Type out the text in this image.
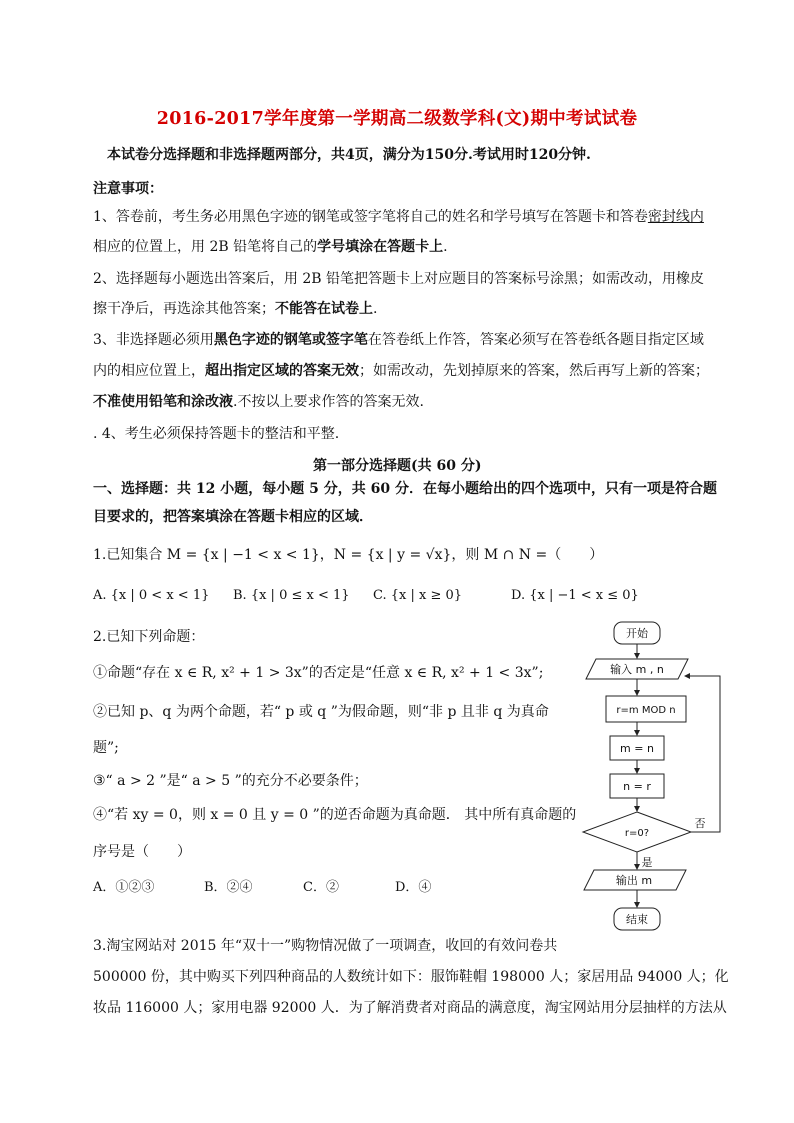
2016-2017学年度第一学期高二级数学科(文)期中考试试卷
本试卷分选择题和非选择题两部分，共4页，满分为150分.考试用时120分钟.
注意事项：
1、答卷前，考生务必用黑色字迹的钢笔或签字笔将自己的姓名和学号填写在答题卡和答卷密封线内
相应的位置上，用 2B 铅笔将自己的学号填涂在答题卡上.
2、选择题每小题选出答案后，用 2B 铅笔把答题卡上对应题目的答案标号涂黑；如需改动，用橡皮
擦干净后，再选涂其他答案；不能答在试卷上.
3、非选择题必须用黑色字迹的钢笔或签字笔在答卷纸上作答，答案必须写在答卷纸各题目指定区域
内的相应位置上，超出指定区域的答案无效；如需改动，先划掉原来的答案，然后再写上新的答案；
不准使用铅笔和涂改液.不按以上要求作答的答案无效.
. 4、考生必须保持答题卡的整洁和平整.
第一部分选择题(共 60 分)
一、选择题：共 12 小题，每小题 5 分，共 60 分．在每小题给出的四个选项中，只有一项是符合题
目要求的，把答案填涂在答题卡相应的区域．
1.已知集合 M = {x | −1 < x < 1}，N = {x | y = √x}，则 M ∩ N =（　　）
A. {x | 0 < x < 1} B. {x | 0 ≤ x < 1} C. {x | x ≥ 0}	D. {x | −1 < x ≤ 0}
2.已知下列命题：
①命题“存在 x ∈ R, x² + 1 > 3x”的否定是“任意 x ∈ R, x² + 1 < 3x”;
②已知 p、q 为两个命题，若“ p 或 q ”为假命题，则“非 p 且非 q 为真命
题”;
③“ a > 2 ”是“ a > 5 ”的充分不必要条件；
④“若 xy = 0，则 x = 0 且 y = 0 ”的逆否命题为真命题． 其中所有真命题的
序号是（　　）
A．①②③	B．②④	C．②	D．④
开始
输入 m , n
r=m MOD n
m = n
n = r
r=0?
否
是
输出 m
结束
3.淘宝网站对 2015 年“双十一”购物情况做了一项调查，收回的有效问卷共
500000 份，其中购买下列四种商品的人数统计如下：服饰鞋帽 198000 人；家居用品 94000 人；化
妆品 116000 人；家用电器 92000 人．为了解消费者对商品的满意度，淘宝网站用分层抽样的方法从
